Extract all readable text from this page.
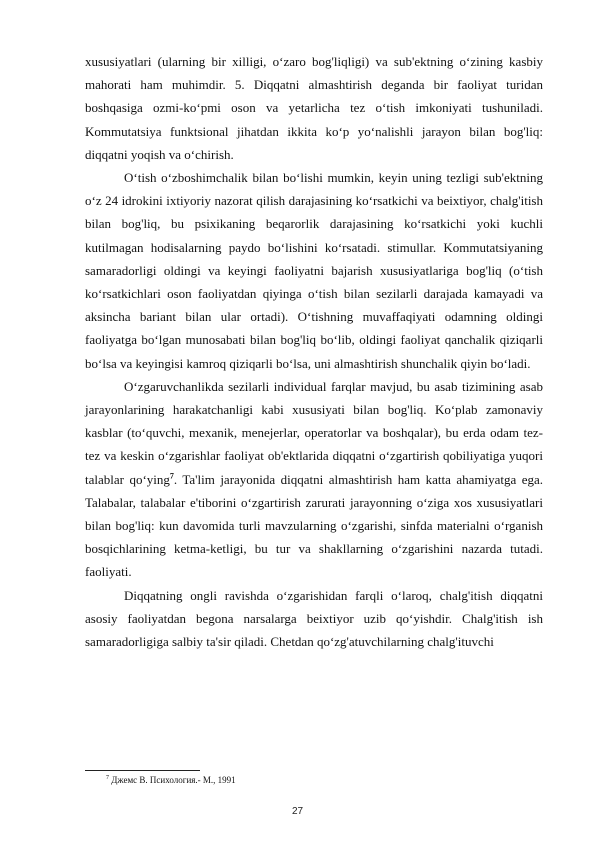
xususiyatlari (ularning bir xilligi, o‘zaro bog'liqligi) va sub'ektning o‘zining kasbiy mahorati ham muhimdir. 5. Diqqatni almashtirish deganda bir faoliyat turidan boshqasiga ozmi-ko‘pmi oson va yetarlicha tez o‘tish imkoniyati tushuniladi. Kommutatsiya funktsional jihatdan ikkita ko‘p yo‘nalishli jarayon bilan bog'liq: diqqatni yoqish va o‘chirish.

O‘tish o‘zboshimchalik bilan bo‘lishi mumkin, keyin uning tezligi sub'ektning o‘z 24 idrokini ixtiyoriy nazorat qilish darajasining ko‘rsatkichi va beixtiyor, chalg'itish bilan bog'liq, bu psixikaning beqarorlik darajasining ko‘rsatkichi yoki kuchli kutilmagan hodisalarning paydo bo‘lishini ko‘rsatadi. stimullar. Kommutatsiyaning samaradorligi oldingi va keyingi faoliyatni bajarish xususiyatlariga bog'liq (o‘tish ko‘rsatkichlari oson faoliyatdan qiyinga o‘tish bilan sezilarli darajada kamayadi va aksincha bariant bilan ular ortadi). O‘tishning muvaffaqiyati odamning oldingi faoliyatga bo‘lgan munosabati bilan bog'liq bo‘lib, oldingi faoliyat qanchalik qiziqarli bo‘lsa va keyingisi kamroq qiziqarli bo‘lsa, uni almashtirish shunchalik qiyin bo‘ladi.

O‘zgaruvchanlikda sezilarli individual farqlar mavjud, bu asab tizimining asab jarayonlarining harakatchanligi kabi xususiyati bilan bog'liq. Ko‘plab zamonaviy kasblar (to‘quvchi, mexanik, menejerlar, operatorlar va boshqalar), bu erda odam tez-tez va keskin o‘zgarishlar faoliyat ob'ektlarida diqqatni o‘zgartirish qobiliyatiga yuqori talablar qo‘ying$^7$. Ta'lim jarayonida diqqatni almashtirish ham katta ahamiyatga ega. Talabalar, talabalar e'tiborini o‘zgartirish zarurati jarayonning o‘ziga xos xususiyatlari bilan bog'liq: kun davomida turli mavzularning o‘zgarishi, sinfda materialni o‘rganish bosqichlarining ketma-ketligi, bu tur va shakllarning o‘zgarishini nazarda tutadi. faoliyati.

Diqqatning ongli ravishda o‘zgarishidan farqli o‘laroq, chalg'itish diqqatni asosiy faoliyatdan begona narsalarga beixtiyor uzib qo‘yishdir. Chalg'itish ish samaradorligiga salbiy ta'sir qiladi. Chetdan qo‘zg'atuvchilarning chalg'ituvchi

$^7$ Джемс В. Психология.- М., 1991
27
